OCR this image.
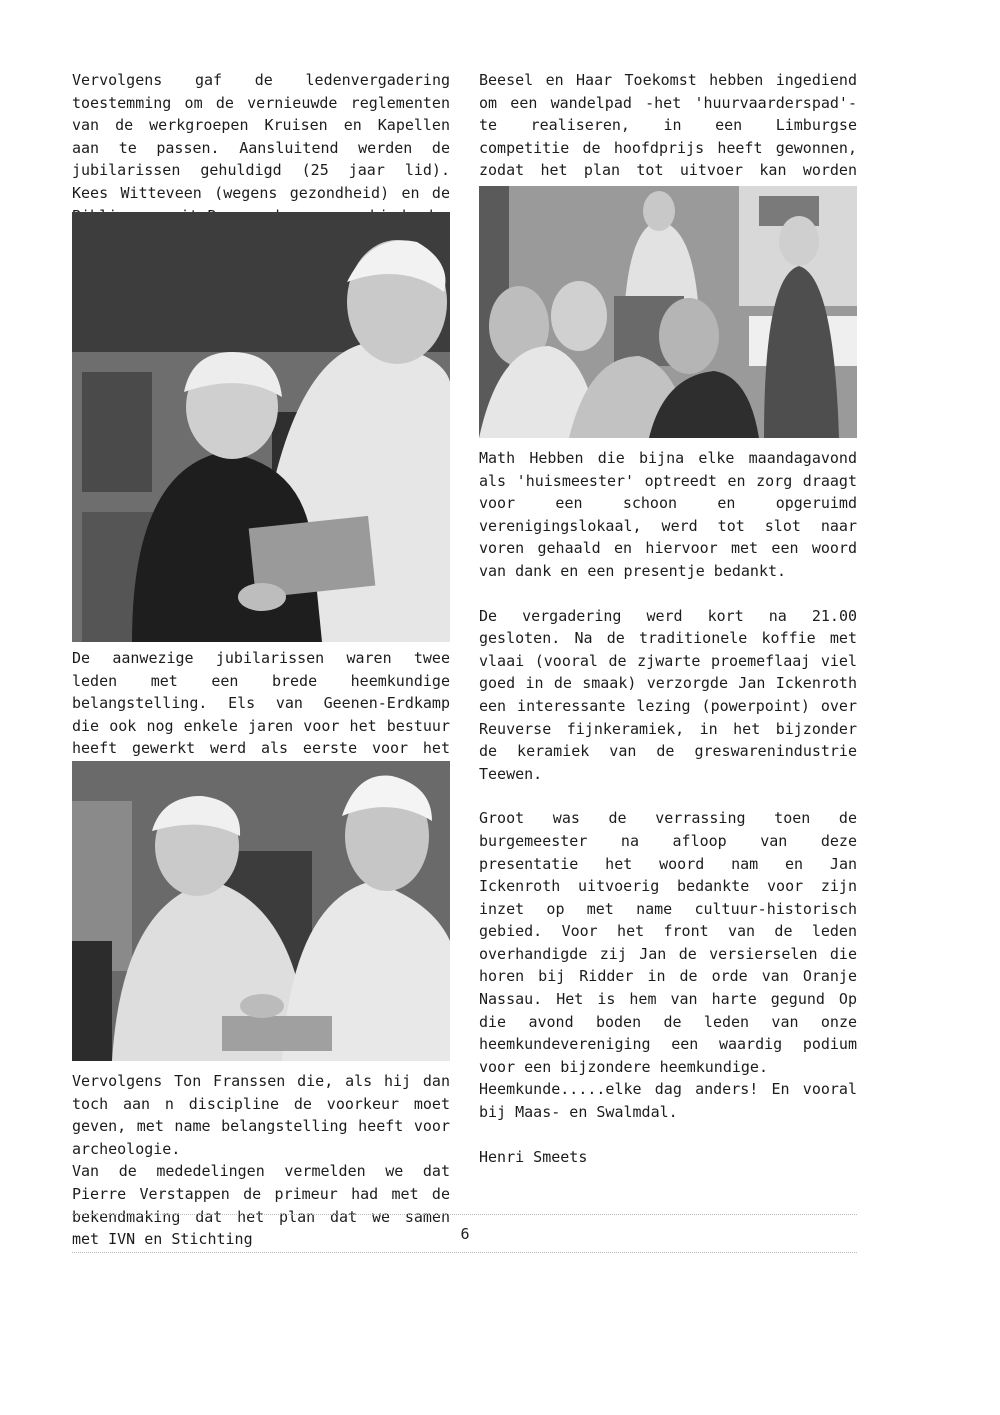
Vervolgens gaf de ledenvergadering toestemming om de vernieuwde reglementen van de werkgroepen Kruisen en Kapellen aan te passen. Aansluitend werden de jubilarissen gehuldigd (25 jaar lid). Kees Witteveen (wegens gezondheid) en de

De aanwezige jubilarissen waren twee leden met een brede heemkundige belangstelling. Els van Geenen-Erdkamp die ook nog enkele jaren voor het bestuur heeft gewerkt werd als eerste voor het

Vervolgens Ton Franssen die, als hij dan toch aan n discipline de voorkeur moet geven, met name belangstelling heeft voor archeologie.

Van de mededelingen vermelden we dat Pierre Verstappen de primeur had met de bekendmaking dat het plan dat we samen met IVN en Stichting

Beesel en Haar Toekomst hebben ingediend om een wandelpad -het 'huurvaarderspad'- te realiseren, in een Limburgse competitie de hoofdprijs heeft gewonnen, zodat het plan tot uitvoer kan worden

Math Hebben die bijna elke maandagavond als 'huismeester' optreedt en zorg draagt voor een schoon en opgeruimd verenigingslokaal, werd tot slot naar voren gehaald en hiervoor met een woord van dank en een presentje bedankt.

De vergadering werd kort na 21.00 gesloten. Na de traditionele koffie met vlaai (vooral de zjwarte proemeflaaj viel goed in de smaak) verzorgde Jan Ickenroth een interessante lezing (powerpoint) over Reuverse fijnkeramiek, in het bijzonder de keramiek van de greswarenindustrie Teewen.

Groot was de verrassing toen de burgemeester na afloop van deze presentatie het woord nam en Jan Ickenroth uitvoerig bedankte voor zijn inzet op met name cultuur-historisch gebied. Voor het front van de leden overhandigde zij Jan de versierselen die horen bij Ridder in de orde van Oranje Nassau. Het is hem van harte gegund Op die avond boden de leden van onze heemkundevereniging een waardig podium voor een bijzondere heemkundige.

Heemkunde.....elke dag anders! En vooral bij Maas- en Swalmdal.

Henri Smeets

6
